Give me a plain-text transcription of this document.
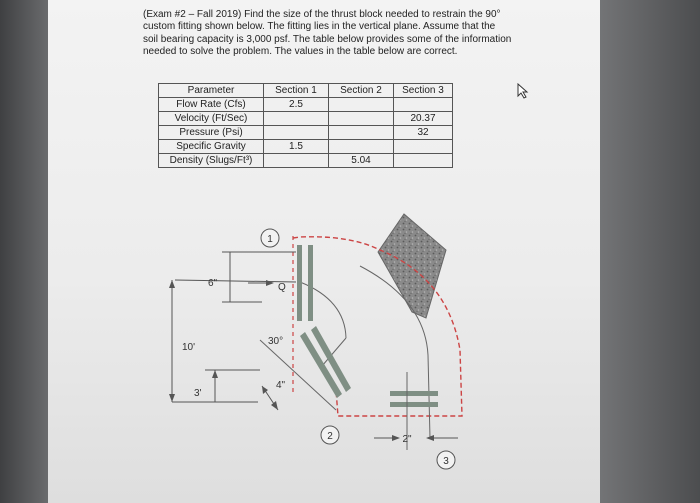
(Exam #2 – Fall 2019) Find the size of the thrust block needed to restrain the 90°
custom fitting shown below. The fitting lies in the vertical plane. Assume that the
soil bearing capacity is 3,000 psf. The table below provides some of the information
needed to solve the problem. The values in the table below are correct.
Parameter	Section 1	Section 2	Section 3
Flow Rate (Cfs)	2.5		
Velocity (Ft/Sec)			20.37
Pressure (Psi)			32
Specific Gravity	1.5		
Density (Slugs/Ft³)		5.04	
1
2
3
6"	Q
10'
3'
30°
4"
2"
